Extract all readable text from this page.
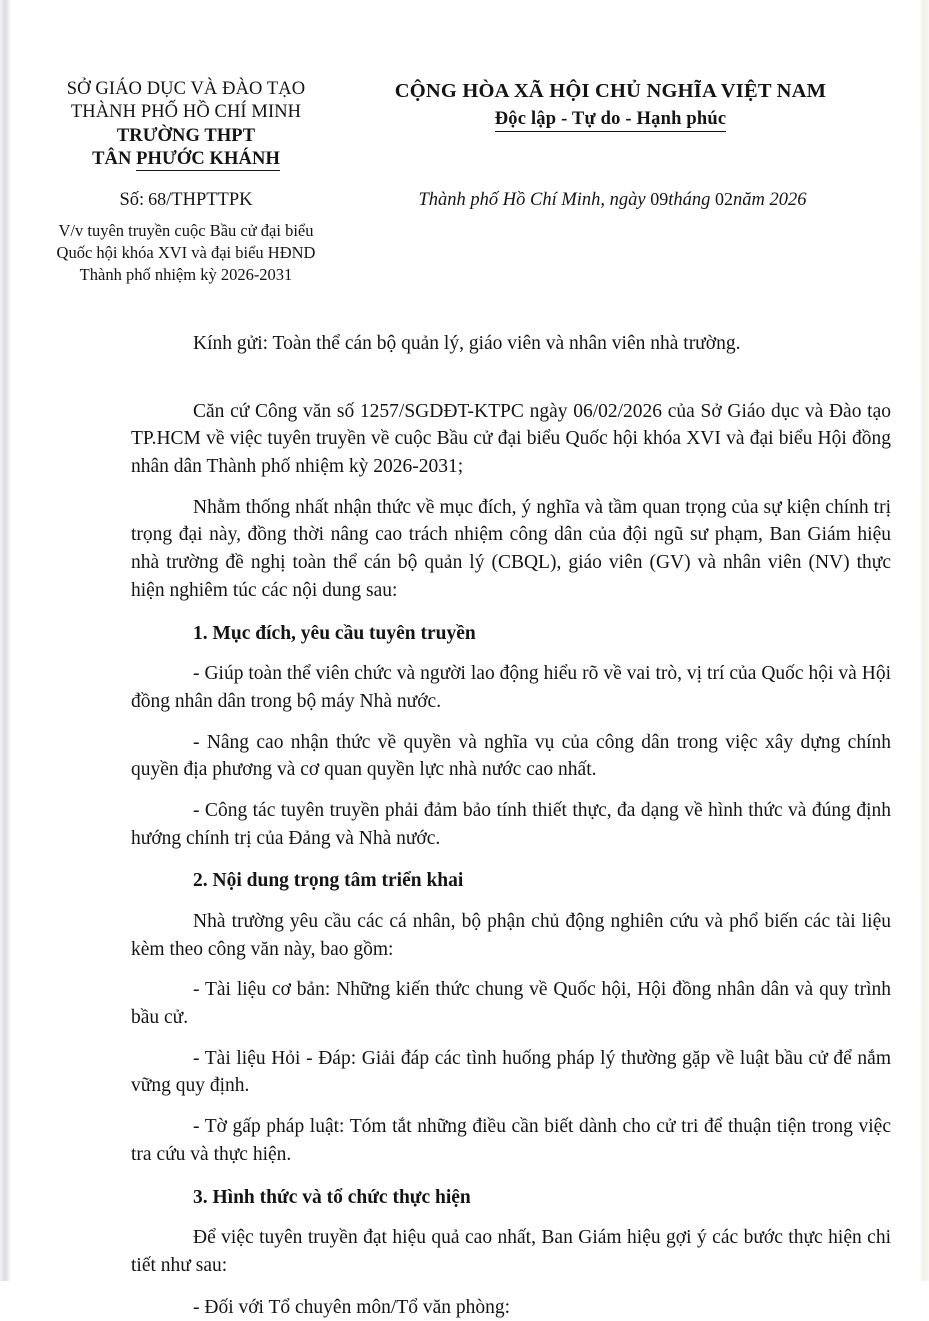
SỞ GIÁO DỤC VÀ ĐÀO TẠO
THÀNH PHỐ HỒ CHÍ MINH
TRƯỜNG THPT
TÂN PHƯỚC KHÁNH
CỘNG HÒA XÃ HỘI CHỦ NGHĨA VIỆT NAM
Độc lập - Tự do - Hạnh phúc
Số: 68/THPTTPK	Thành phố Hồ Chí Minh, ngày 09tháng 02năm 2026
V/v tuyên truyền cuộc Bầu cử đại biểu Quốc hội khóa XVI và đại biểu HĐND Thành phố nhiệm kỳ 2026-2031
Kính gửi: Toàn thể cán bộ quản lý, giáo viên và nhân viên nhà trường.
Căn cứ Công văn số 1257/SGDĐT-KTPC ngày 06/02/2026 của Sở Giáo dục và Đào tạo TP.HCM về việc tuyên truyền về cuộc Bầu cử đại biểu Quốc hội khóa XVI và đại biểu Hội đồng nhân dân Thành phố nhiệm kỳ 2026-2031;
Nhằm thống nhất nhận thức về mục đích, ý nghĩa và tầm quan trọng của sự kiện chính trị trọng đại này, đồng thời nâng cao trách nhiệm công dân của đội ngũ sư phạm, Ban Giám hiệu nhà trường đề nghị toàn thể cán bộ quản lý (CBQL), giáo viên (GV) và nhân viên (NV) thực hiện nghiêm túc các nội dung sau:
1. Mục đích, yêu cầu tuyên truyền
- Giúp toàn thể viên chức và người lao động hiểu rõ về vai trò, vị trí của Quốc hội và Hội đồng nhân dân trong bộ máy Nhà nước.
- Nâng cao nhận thức về quyền và nghĩa vụ của công dân trong việc xây dựng chính quyền địa phương và cơ quan quyền lực nhà nước cao nhất.
- Công tác tuyên truyền phải đảm bảo tính thiết thực, đa dạng về hình thức và đúng định hướng chính trị của Đảng và Nhà nước.
2. Nội dung trọng tâm triển khai
Nhà trường yêu cầu các cá nhân, bộ phận chủ động nghiên cứu và phổ biến các tài liệu kèm theo công văn này, bao gồm:
- Tài liệu cơ bản: Những kiến thức chung về Quốc hội, Hội đồng nhân dân và quy trình bầu cử.
- Tài liệu Hỏi - Đáp: Giải đáp các tình huống pháp lý thường gặp về luật bầu cử để nắm vững quy định.
- Tờ gấp pháp luật: Tóm tắt những điều cần biết dành cho cử tri để thuận tiện trong việc tra cứu và thực hiện.
3. Hình thức và tổ chức thực hiện
Để việc tuyên truyền đạt hiệu quả cao nhất, Ban Giám hiệu gợi ý các bước thực hiện chi tiết như sau:
- Đối với Tổ chuyên môn/Tổ văn phòng:
